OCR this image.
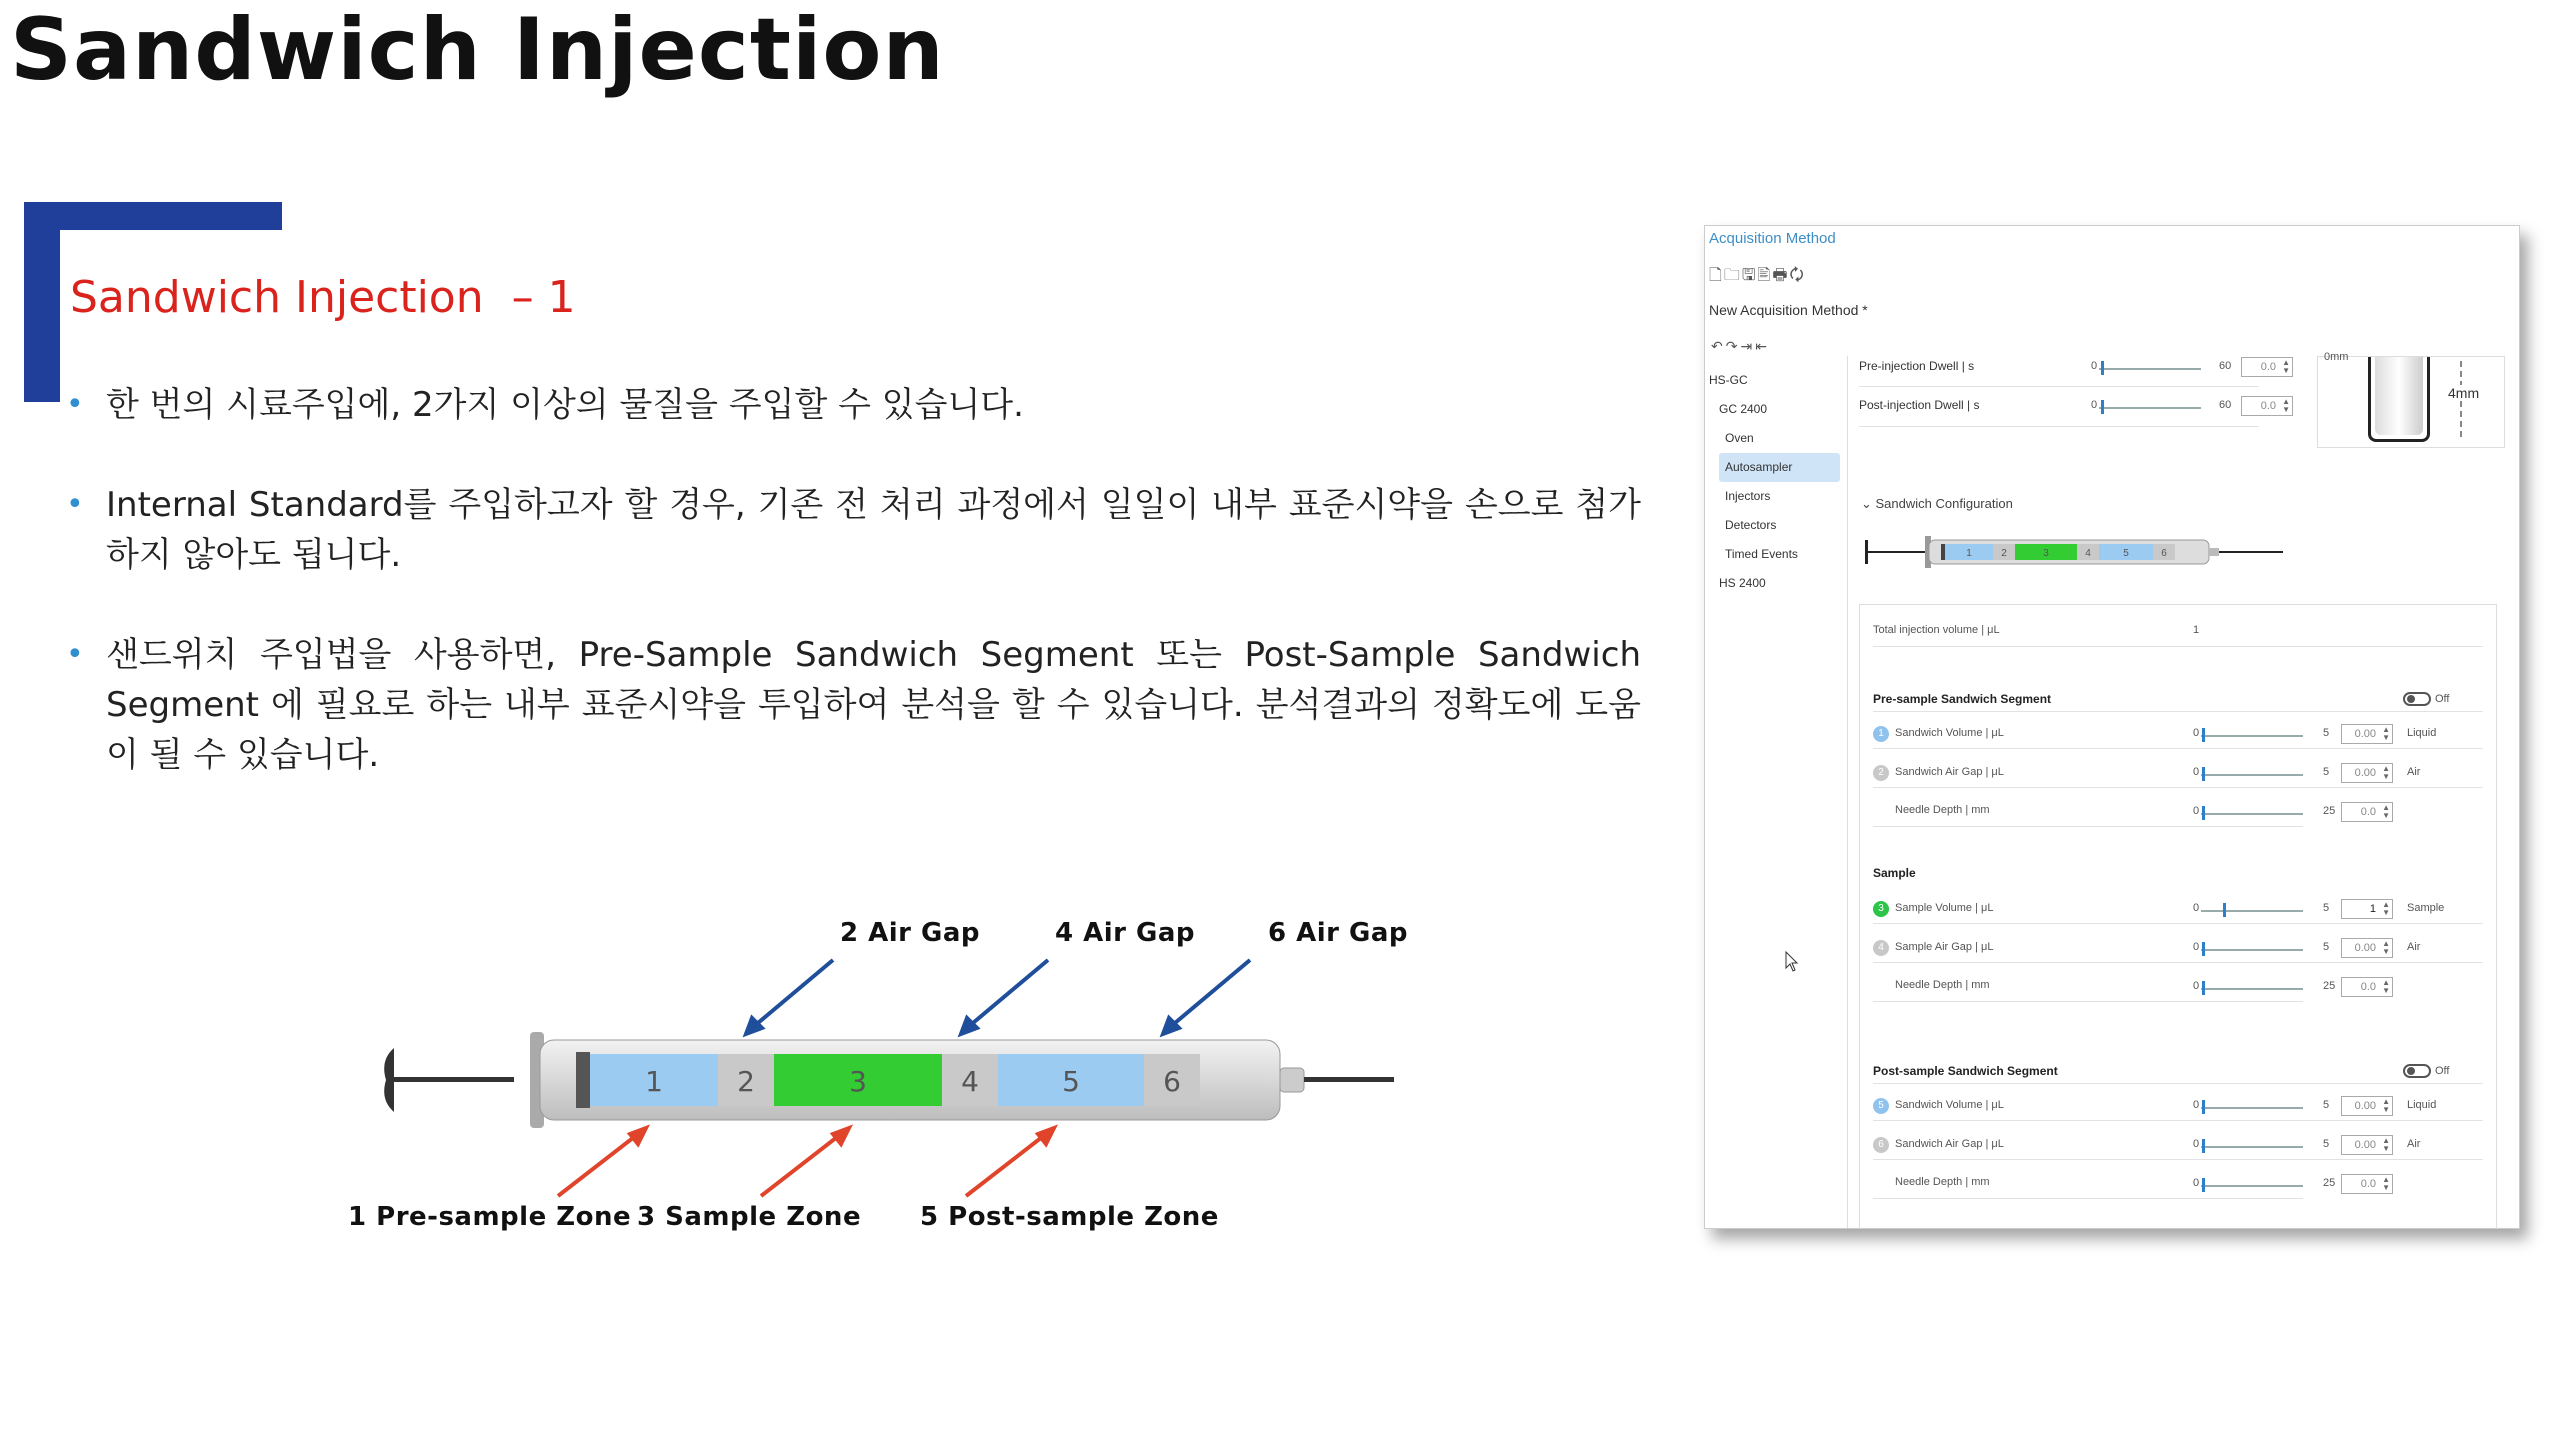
Sandwich Injection
Sandwich Injection  – 1
• 한 번의 시료주입에, 2가지 이상의 물질을 주입할 수 있습니다.
• Internal Standard를 주입하고자 할 경우, 기존 전 처리 과정에서 일일이 내부 표준시약을 손으로 첨가하지 않아도 됩니다.
• 샌드위치 주입법을 사용하면, Pre-Sample Sandwich Segment 또는 Post-Sample Sandwich Segment 에 필요로 하는 내부 표준시약을 투입하여 분석을 할 수 있습니다. 분석결과의 정확도에 도움이 될 수 있습니다.
1	2	3	4	5	6
2 Air Gap	4 Air Gap	6 Air Gap
1 Pre-sample Zone 3 Sample Zone 5 Post-sample Zone
Acquisition Method
🗋🗀🖫🖹🖶🗘
New Acquisition Method *
↶↷⇥⇤
HS-GC
GC 2400
Oven
Autosampler
Injectors
Detectors
Timed Events
HS 2400
Pre-injection Dwell | s	0	60	0.0 ▲
▼
Post-injection Dwell | s	0	60	0.0 ▲
▼
0mm
4mm
⌄ Sandwich Configuration
1	2	3	4	5	6
Total injection volume | μL	1
Pre-sample Sandwich Segment	Off
1 Sandwich Volume | μL	0	5	0.00 ▲
▼ Liquid
2 Sandwich Air Gap | μL	0	5	0.00 ▲
▼ Air
Needle Depth | mm	0	25	0.0 ▲
▼
3 Sample Volume | μL	0	5	1 ▲
▼ Sample
4 Sample Air Gap | μL	0	5	0.00 ▲
▼ Air
Needle Depth | mm	0	25	0.0 ▲
▼
5 Sandwich Volume | μL	0	5	0.00 ▲
▼ Liquid
6 Sandwich Air Gap | μL	0	5	0.00 ▲
▼ Air
Needle Depth | mm	0	25	0.0 ▲
▼
Sample
Post-sample Sandwich Segment	Off
